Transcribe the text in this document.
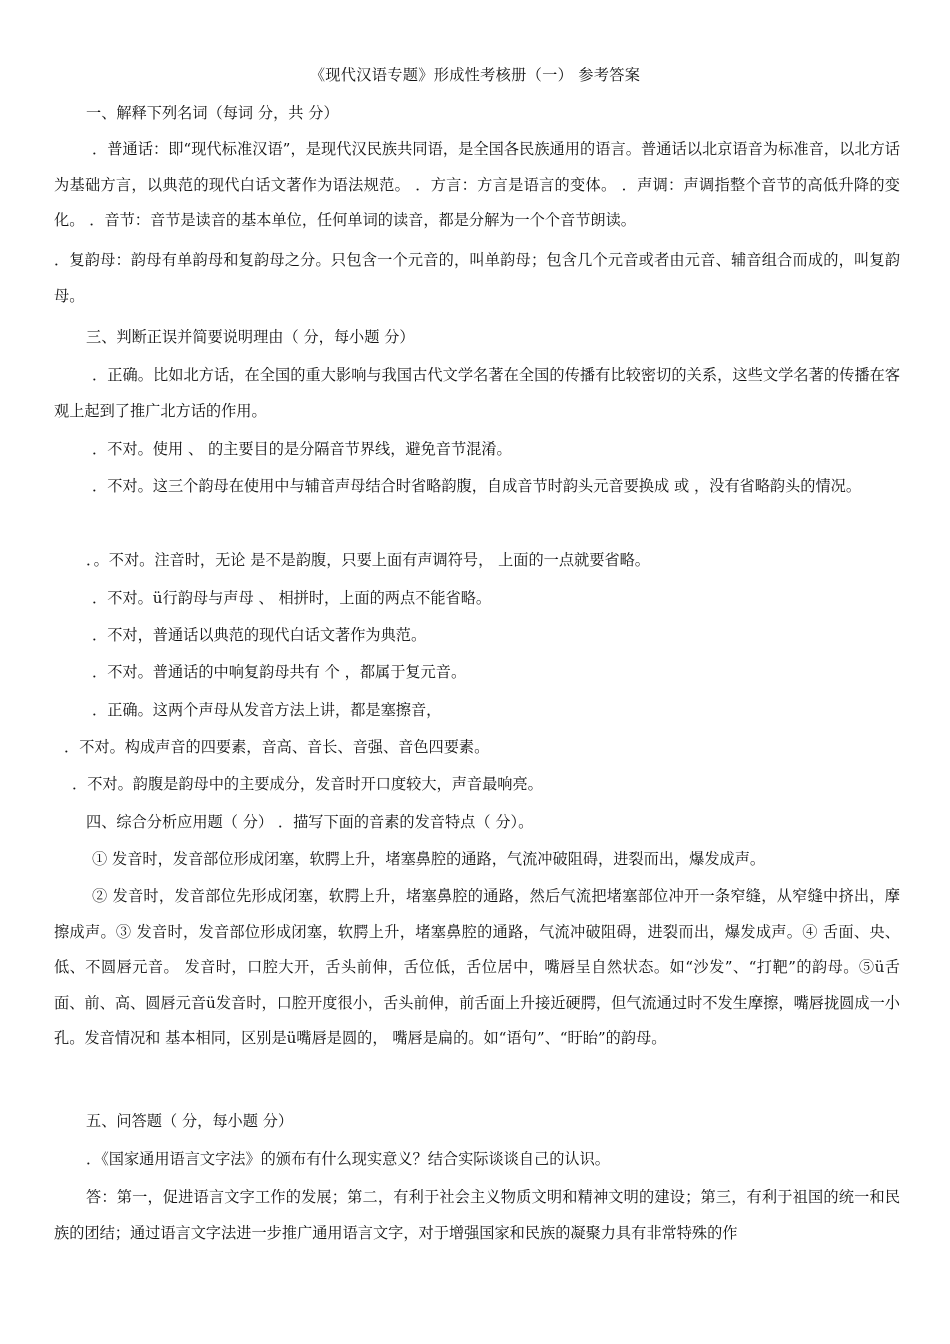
《现代汉语专题》形成性考核册（一） 参考答案

一、解释下列名词（每词 分，共 分）

．普通话：即“现代标准汉语”，是现代汉民族共同语，是全国各民族通用的语言。普通话以北京语音为标准音，以北方话为基础方言，以典范的现代白话文著作为语法规范。 ．方言：方言是语言的变体。 ．声调：声调指整个音节的高低升降的变化。 ．音节：音节是读音的基本单位，任何单词的读音，都是分解为一个个音节朗读。

．复韵母：韵母有单韵母和复韵母之分。只包含一个元音的，叫单韵母；包含几个元音或者由元音、辅音组合而成的，叫复韵母。

三、判断正误并简要说明理由（ 分，每小题 分）

．正确。比如北方话，在全国的重大影响与我国古代文学名著在全国的传播有比较密切的关系，这些文学名著的传播在客观上起到了推广北方话的作用。

．不对。使用 、 的主要目的是分隔音节界线，避免音节混淆。

．不对。这三个韵母在使用中与辅音声母结合时省略韵腹，自成音节时韵头元音要换成 或 ，没有省略韵头的情况。

．。不对。注音时，无论 是不是韵腹，只要上面有声调符号， 上面的一点就要省略。

．不对。ü行韵母与声母 、 相拼时，上面的两点不能省略。

．不对，普通话以典范的现代白话文著作为典范。

．不对。普通话的中响复韵母共有 个 ，都属于复元音。

．正确。这两个声母从发音方法上讲，都是塞擦音，

．不对。构成声音的四要素，音高、音长、音强、音色四要素。

．不对。韵腹是韵母中的主要成分，发音时开口度较大，声音最响亮。

四、综合分析应用题（ 分） ．描写下面的音素的发音特点（ 分）。

① 发音时，发音部位形成闭塞，软腭上升，堵塞鼻腔的通路，气流冲破阻碍，进裂而出，爆发成声。

② 发音时，发音部位先形成闭塞，软腭上升，堵塞鼻腔的通路，然后气流把堵塞部位冲开一条窄缝，从窄缝中挤出，摩擦成声。③ 发音时，发音部位形成闭塞，软腭上升，堵塞鼻腔的通路，气流冲破阻碍，进裂而出，爆发成声。④ 舌面、央、低、不圆唇元音。 发音时，口腔大开，舌头前伸，舌位低，舌位居中，嘴唇呈自然状态。如“沙发”、“打靶”的韵母。⑤ü舌面、前、高、圆唇元音ü发音时，口腔开度很小，舌头前伸，前舌面上升接近硬腭，但气流通过时不发生摩擦，嘴唇拢圆成一小孔。发音情况和 基本相同，区别是ü嘴唇是圆的， 嘴唇是扁的。如“语句”、“盱眙”的韵母。

五、问答题（ 分，每小题 分）

．《国家通用语言文字法》的颁布有什么现实意义？结合实际谈谈自己的认识。

答：第一，促进语言文字工作的发展；第二，有利于社会主义物质文明和精神文明的建设；第三，有利于祖国的统一和民族的团结；通过语言文字法进一步推广通用语言文字，对于增强国家和民族的凝聚力具有非常特殊的作
